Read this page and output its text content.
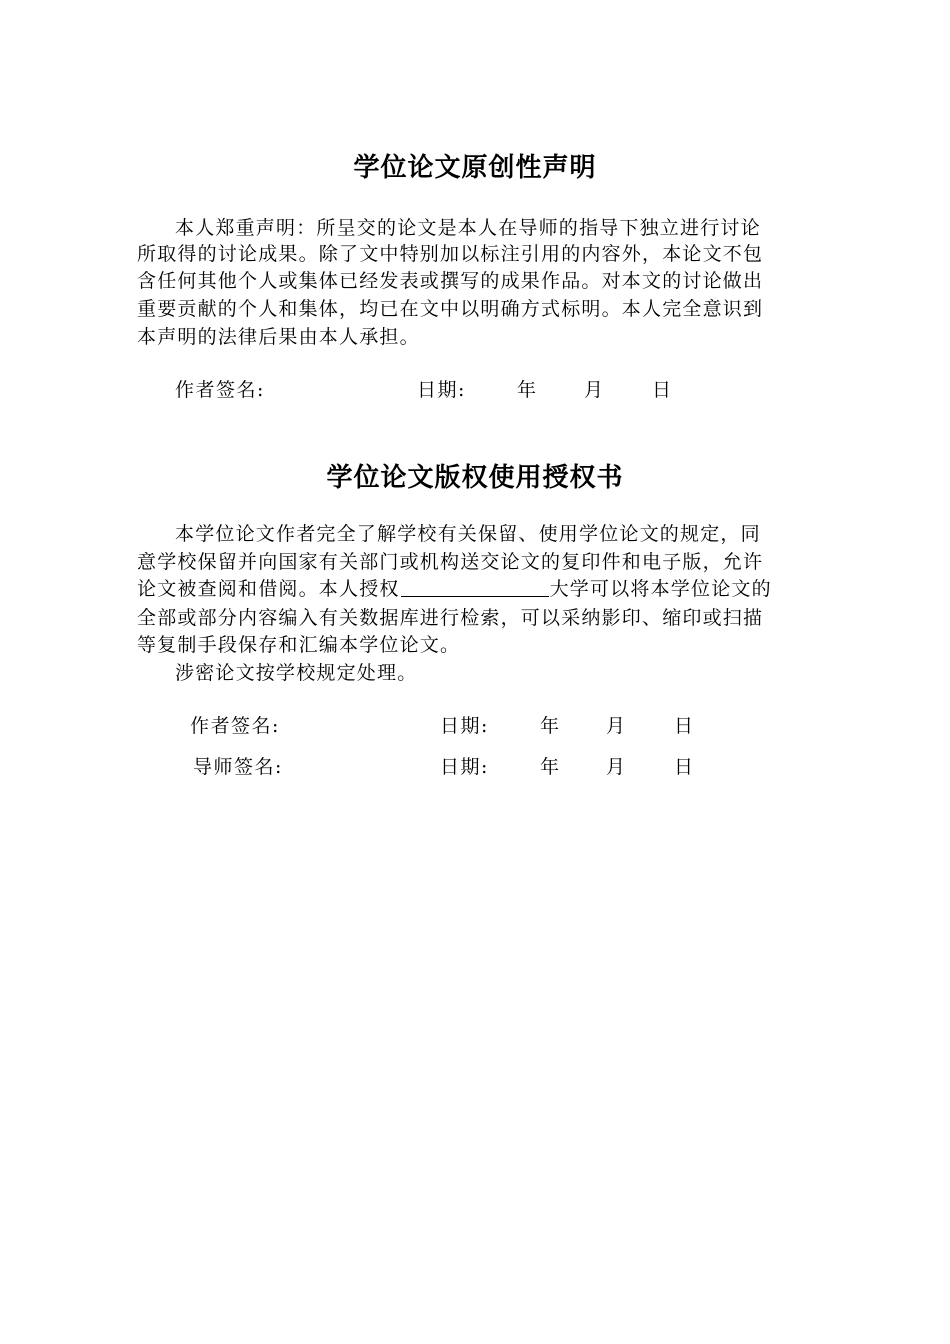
学位论文原创性声明
本人郑重声明：所呈交的论文是本人在导师的指导下独立进行讨论
所取得的讨论成果。除了文中特别加以标注引用的内容外，本论文不包
含任何其他个人或集体已经发表或撰写的成果作品。对本文的讨论做出
重要贡献的个人和集体，均已在文中以明确方式标明。本人完全意识到
本声明的法律后果由本人承担。
作者签名:	日期:	年 月 日
学位论文版权使用授权书
本学位论文作者完全了解学校有关保留、使用学位论文的规定，同
意学校保留并向国家有关部门或机构送交论文的复印件和电子版，允许
论文被查阅和借阅。本人授权	大学可以将本学位论文的
全部或部分内容编入有关数据库进行检索，可以采纳影印、缩印或扫描
等复制手段保存和汇编本学位论文。
涉密论文按学校规定处理。
作者签名:	日期:	年 月 日
导师签名:	日期:	年 月 日
